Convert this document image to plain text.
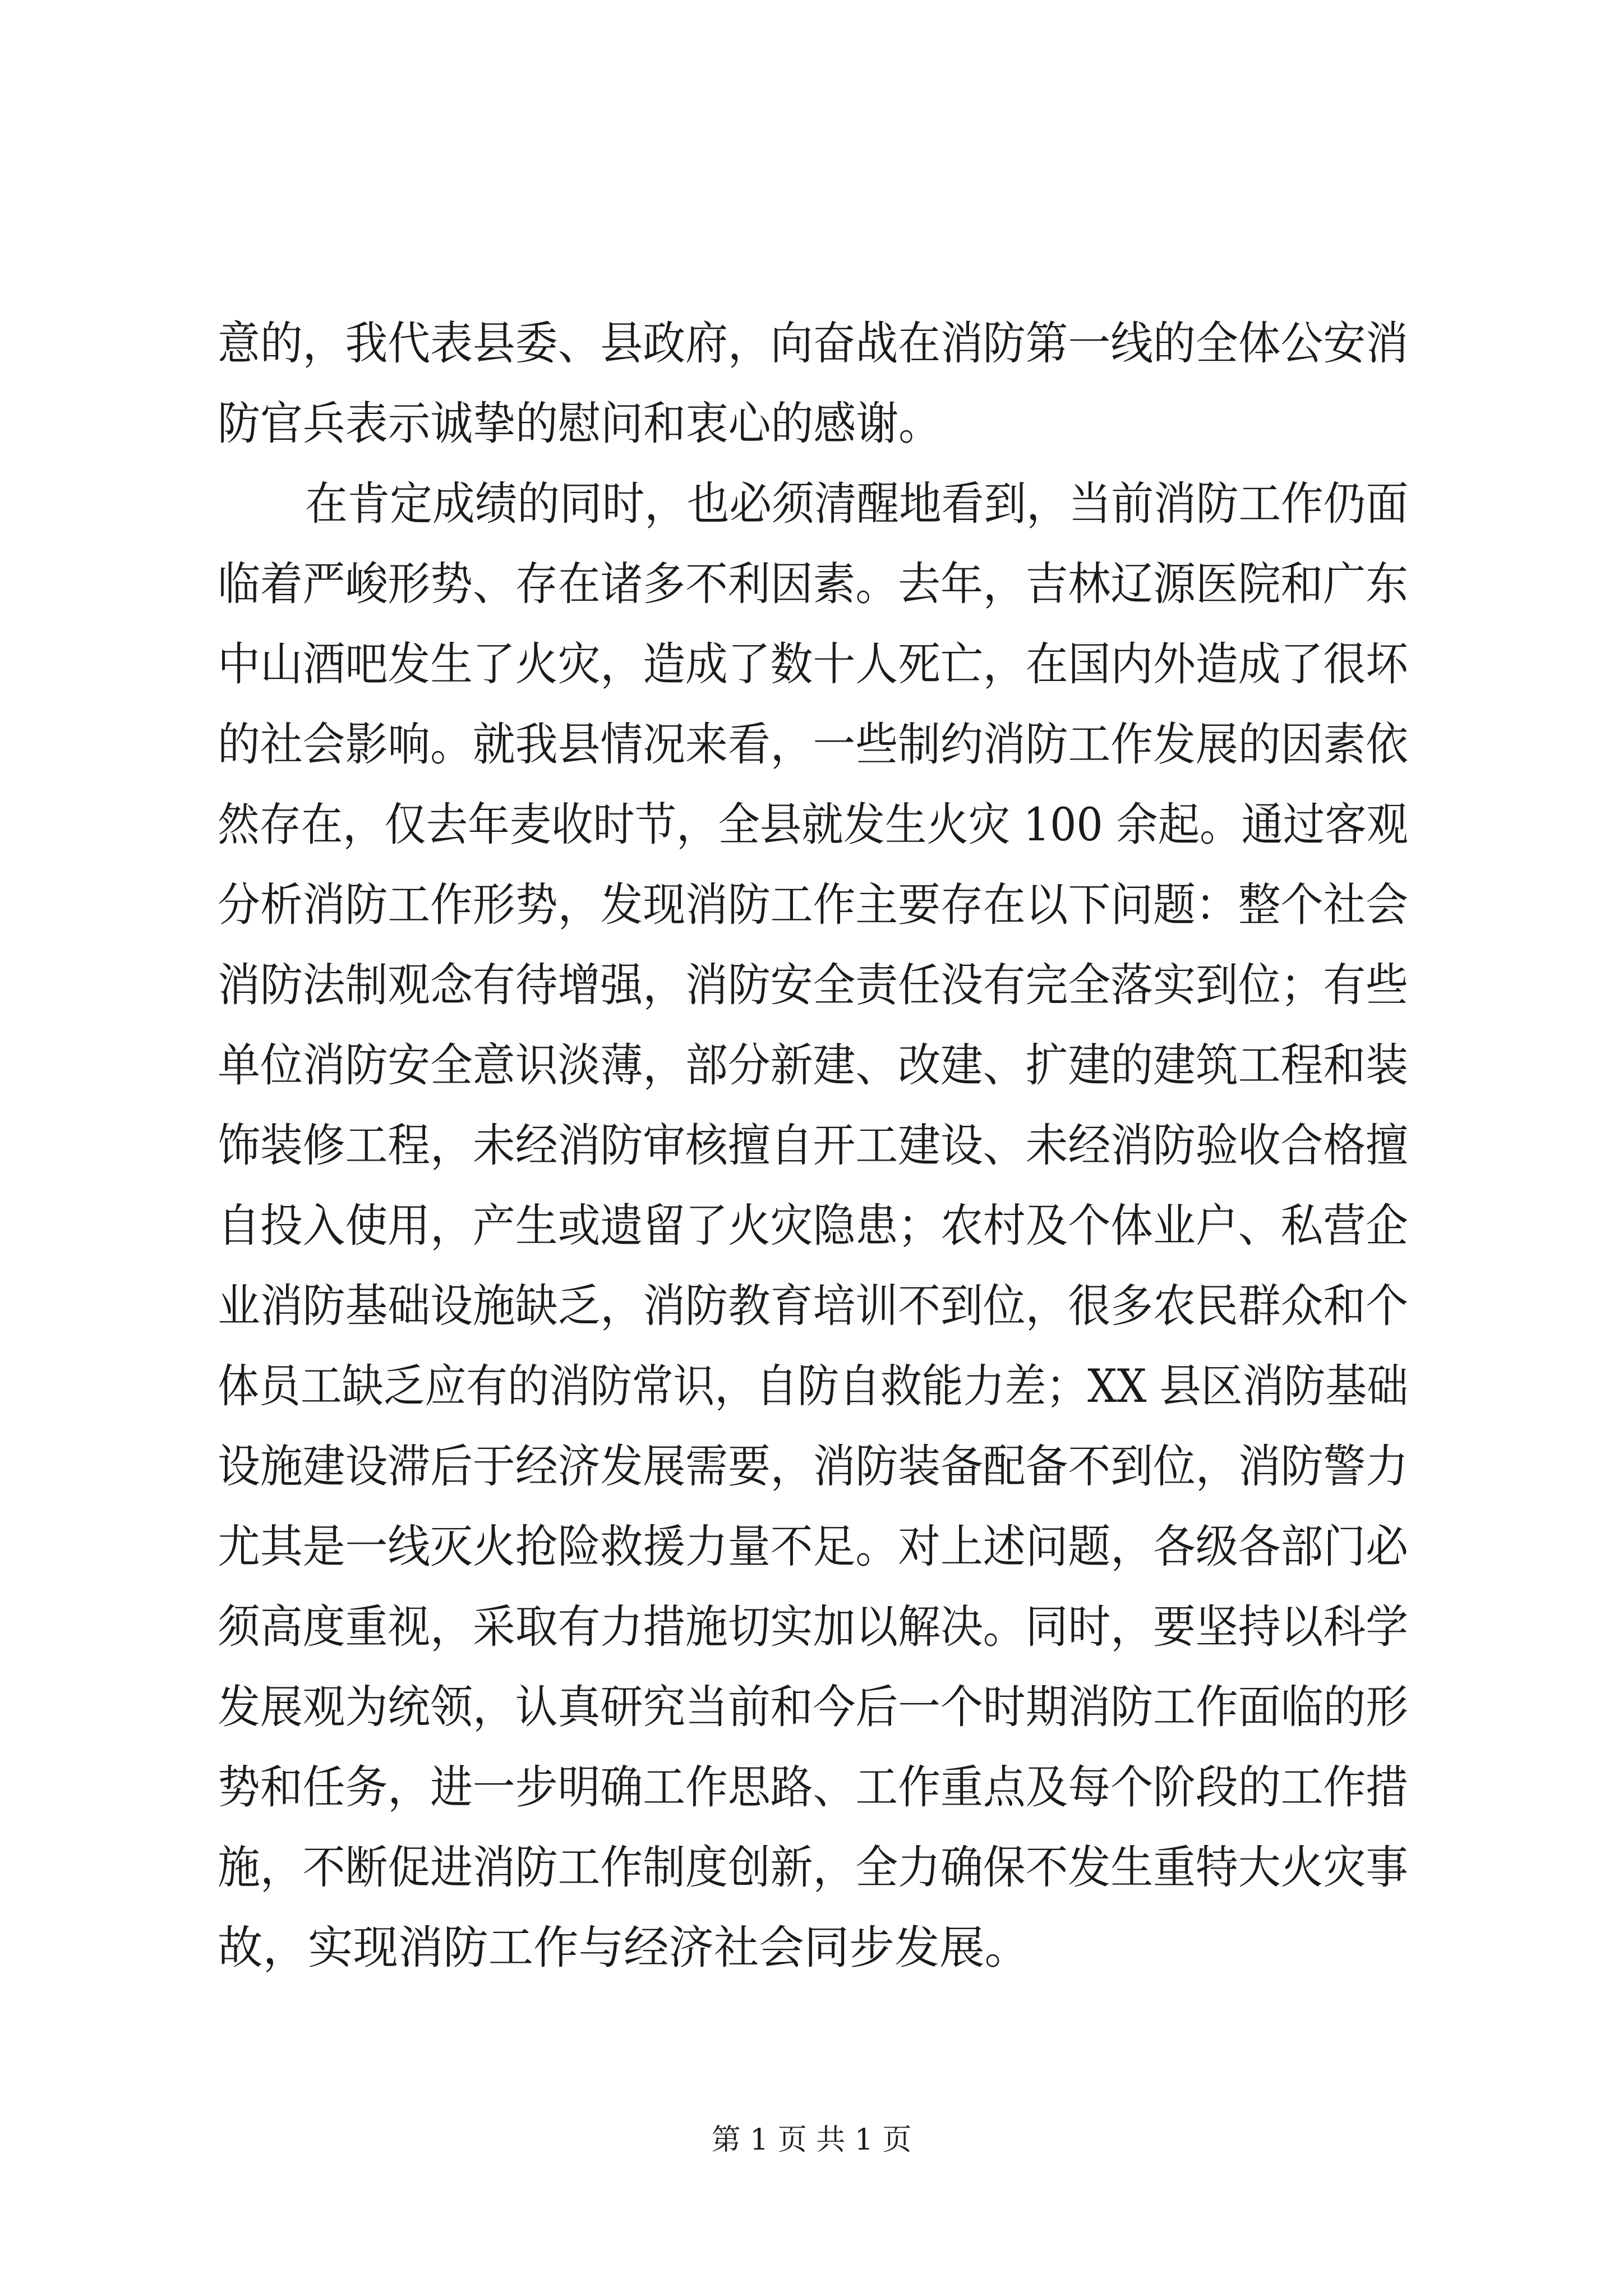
意的，我代表县委、县政府，向奋战在消防第一线的全体公安消
防官兵表示诚挚的慰问和衷心的感谢。
在肯定成绩的同时，也必须清醒地看到，当前消防工作仍面
临着严峻形势、存在诸多不利因素。去年，吉林辽源医院和广东
中山酒吧发生了火灾，造成了数十人死亡，在国内外造成了很坏
的社会影响。就我县情况来看，一些制约消防工作发展的因素依
然存在，仅去年麦收时节，全县就发生火灾 100 余起。通过客观
分析消防工作形势，发现消防工作主要存在以下问题：整个社会
消防法制观念有待增强，消防安全责任没有完全落实到位；有些
单位消防安全意识淡薄，部分新建、改建、扩建的建筑工程和装
饰装修工程，未经消防审核擅自开工建设、未经消防验收合格擅
自投入使用，产生或遗留了火灾隐患；农村及个体业户、私营企
业消防基础设施缺乏，消防教育培训不到位，很多农民群众和个
体员工缺乏应有的消防常识，自防自救能力差；XX 县区消防基础
设施建设滞后于经济发展需要，消防装备配备不到位，消防警力
尤其是一线灭火抢险救援力量不足。对上述问题，各级各部门必
须高度重视，采取有力措施切实加以解决。同时，要坚持以科学
发展观为统领，认真研究当前和今后一个时期消防工作面临的形
势和任务，进一步明确工作思路、工作重点及每个阶段的工作措
施，不断促进消防工作制度创新，全力确保不发生重特大火灾事
故，实现消防工作与经济社会同步发展。
第 1 页 共 1 页
